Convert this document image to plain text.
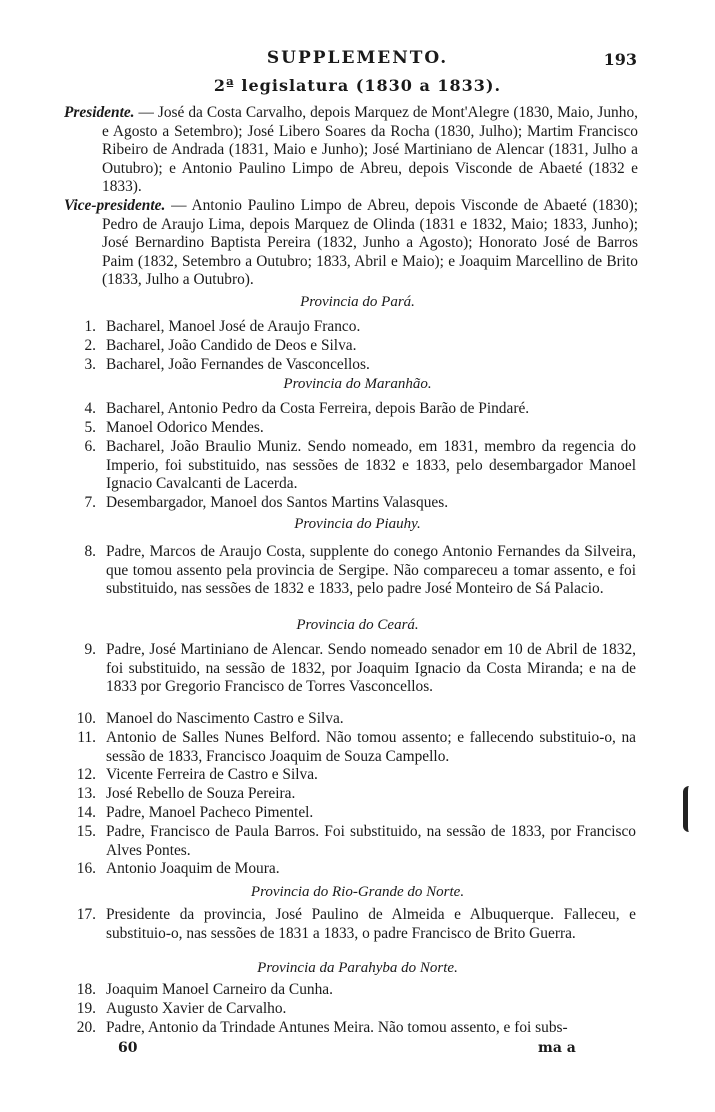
SUPPLEMENTO.	193
2ª legislatura (1830 a 1833).
Presidente. — José da Costa Carvalho, depois Marquez de Mont'Alegre (1830, Maio, Junho, e Agosto a Setembro); José Libero Soares da Rocha (1830, Julho); Martim Francisco Ribeiro de Andrada (1831, Maio e Junho); José Martiniano de Alencar (1831, Julho a Outubro); e Antonio Paulino Limpo de Abreu, depois Visconde de Abaeté (1832 e 1833).
Vice-presidente. — Antonio Paulino Limpo de Abreu, depois Visconde de Abaeté (1830); Pedro de Araujo Lima, depois Marquez de Olinda (1831 e 1832, Maio; 1833, Junho); José Bernardino Baptista Pereira (1832, Junho a Agosto); Honorato José de Barros Paim (1832, Setembro a Outubro; 1833, Abril e Maio); e Joaquim Marcellino de Brito (1833, Julho a Outubro).
Provincia do Pará.
1. Bacharel, Manoel José de Araujo Franco.
2. Bacharel, João Candido de Deos e Silva.
3. Bacharel, João Fernandes de Vasconcellos.
Provincia do Maranhão.
4. Bacharel, Antonio Pedro da Costa Ferreira, depois Barão de Pindaré.
5. Manoel Odorico Mendes.
6. Bacharel, João Braulio Muniz. Sendo nomeado, em 1831, membro da regencia do Imperio, foi substituido, nas sessões de 1832 e 1833, pelo desembargador Manoel Ignacio Cavalcanti de Lacerda.
7. Desembargador, Manoel dos Santos Martins Valasques.
Provincia do Piauhy.
8. Padre, Marcos de Araujo Costa, supplente do conego Antonio Fernandes da Silveira, que tomou assento pela provincia de Sergipe. Não compareceu a tomar assento, e foi substituido, nas sessões de 1832 e 1833, pelo padre José Monteiro de Sá Palacio.
Provincia do Ceará.
9. Padre, José Martiniano de Alencar. Sendo nomeado senador em 10 de Abril de 1832, foi substituido, na sessão de 1832, por Joaquim Ignacio da Costa Miranda; e na de 1833 por Gregorio Francisco de Torres Vasconcellos.
10. Manoel do Nascimento Castro e Silva.
11. Antonio de Salles Nunes Belford. Não tomou assento; e fallecendo substituio-o, na sessão de 1833, Francisco Joaquim de Souza Campello.
12. Vicente Ferreira de Castro e Silva.
13. José Rebello de Souza Pereira.
14. Padre, Manoel Pacheco Pimentel.
15. Padre, Francisco de Paula Barros. Foi substituido, na sessão de 1833, por Francisco Alves Pontes.
16. Antonio Joaquim de Moura.
Provincia do Rio-Grande do Norte.
17. Presidente da provincia, José Paulino de Almeida e Albuquerque. Falleceu, e substituio-o, nas sessões de 1831 a 1833, o padre Francisco de Brito Guerra.
Provincia da Parahyba do Norte.
18. Joaquim Manoel Carneiro da Cunha.
19. Augusto Xavier de Carvalho.
20. Padre, Antonio da Trindade Antunes Meira. Não tomou assento, e foi subs-
60	ma a
